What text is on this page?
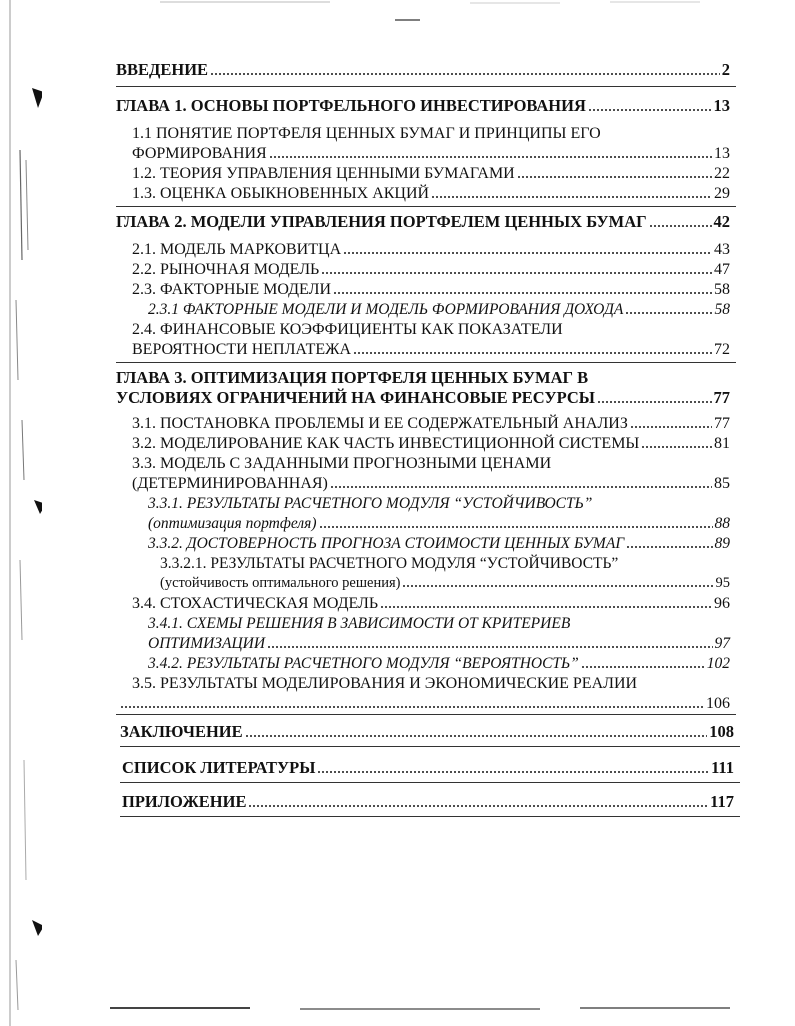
ВВЕДЕНИЕ	2
ГЛАВА 1. ОСНОВЫ ПОРТФЕЛЬНОГО ИНВЕСТИРОВАНИЯ	13
1.1 ПОНЯТИЕ ПОРТФЕЛЯ ЦЕННЫХ БУМАГ И ПРИНЦИПЫ ЕГО
ФОРМИРОВАНИЯ	13
1.2. ТЕОРИЯ УПРАВЛЕНИЯ ЦЕННЫМИ БУМАГАМИ	22
1.3. ОЦЕНКА ОБЫКНОВЕННЫХ АКЦИЙ	29
ГЛАВА 2. МОДЕЛИ УПРАВЛЕНИЯ ПОРТФЕЛЕМ ЦЕННЫХ БУМАГ	42
2.1. МОДЕЛЬ МАРКОВИТЦА	43
2.2. РЫНОЧНАЯ МОДЕЛЬ	47
2.3. ФАКТОРНЫЕ МОДЕЛИ	58
2.3.1 ФАКТОРНЫЕ МОДЕЛИ И МОДЕЛЬ ФОРМИРОВАНИЯ ДОХОДА	58
2.4. ФИНАНСОВЫЕ КОЭФФИЦИЕНТЫ КАК ПОКАЗАТЕЛИ
ВЕРОЯТНОСТИ НЕПЛАТЕЖА	72
ГЛАВА 3. ОПТИМИЗАЦИЯ ПОРТФЕЛЯ ЦЕННЫХ БУМАГ В
УСЛОВИЯХ ОГРАНИЧЕНИЙ НА ФИНАНСОВЫЕ РЕСУРСЫ	77
3.1. ПОСТАНОВКА ПРОБЛЕМЫ И ЕЕ СОДЕРЖАТЕЛЬНЫЙ АНАЛИЗ	77
3.2. МОДЕЛИРОВАНИЕ КАК ЧАСТЬ ИНВЕСТИЦИОННОЙ СИСТЕМЫ	81
3.3. МОДЕЛЬ С ЗАДАННЫМИ ПРОГНОЗНЫМИ ЦЕНАМИ
(ДЕТЕРМИНИРОВАННАЯ)	85
3.3.1. РЕЗУЛЬТАТЫ РАСЧЕТНОГО МОДУЛЯ “УСТОЙЧИВОСТЬ”
(оптимизация портфеля)	88
3.3.2. ДОСТОВЕРНОСТЬ ПРОГНОЗА СТОИМОСТИ ЦЕННЫХ БУМАГ	89
3.3.2.1. РЕЗУЛЬТАТЫ РАСЧЕТНОГО МОДУЛЯ “УСТОЙЧИВОСТЬ”
(устойчивость оптимального решения)	95
3.4. СТОХАСТИЧЕСКАЯ МОДЕЛЬ	96
3.4.1. СХЕМЫ РЕШЕНИЯ В ЗАВИСИМОСТИ ОТ КРИТЕРИЕВ
ОПТИМИЗАЦИИ	97
3.4.2. РЕЗУЛЬТАТЫ РАСЧЕТНОГО МОДУЛЯ “ВЕРОЯТНОСТЬ”	102
3.5. РЕЗУЛЬТАТЫ МОДЕЛИРОВАНИЯ И ЭКОНОМИЧЕСКИЕ РЕАЛИИ
106
ЗАКЛЮЧЕНИЕ	108
СПИСОК ЛИТЕРАТУРЫ	111
ПРИЛОЖЕНИЕ	117
